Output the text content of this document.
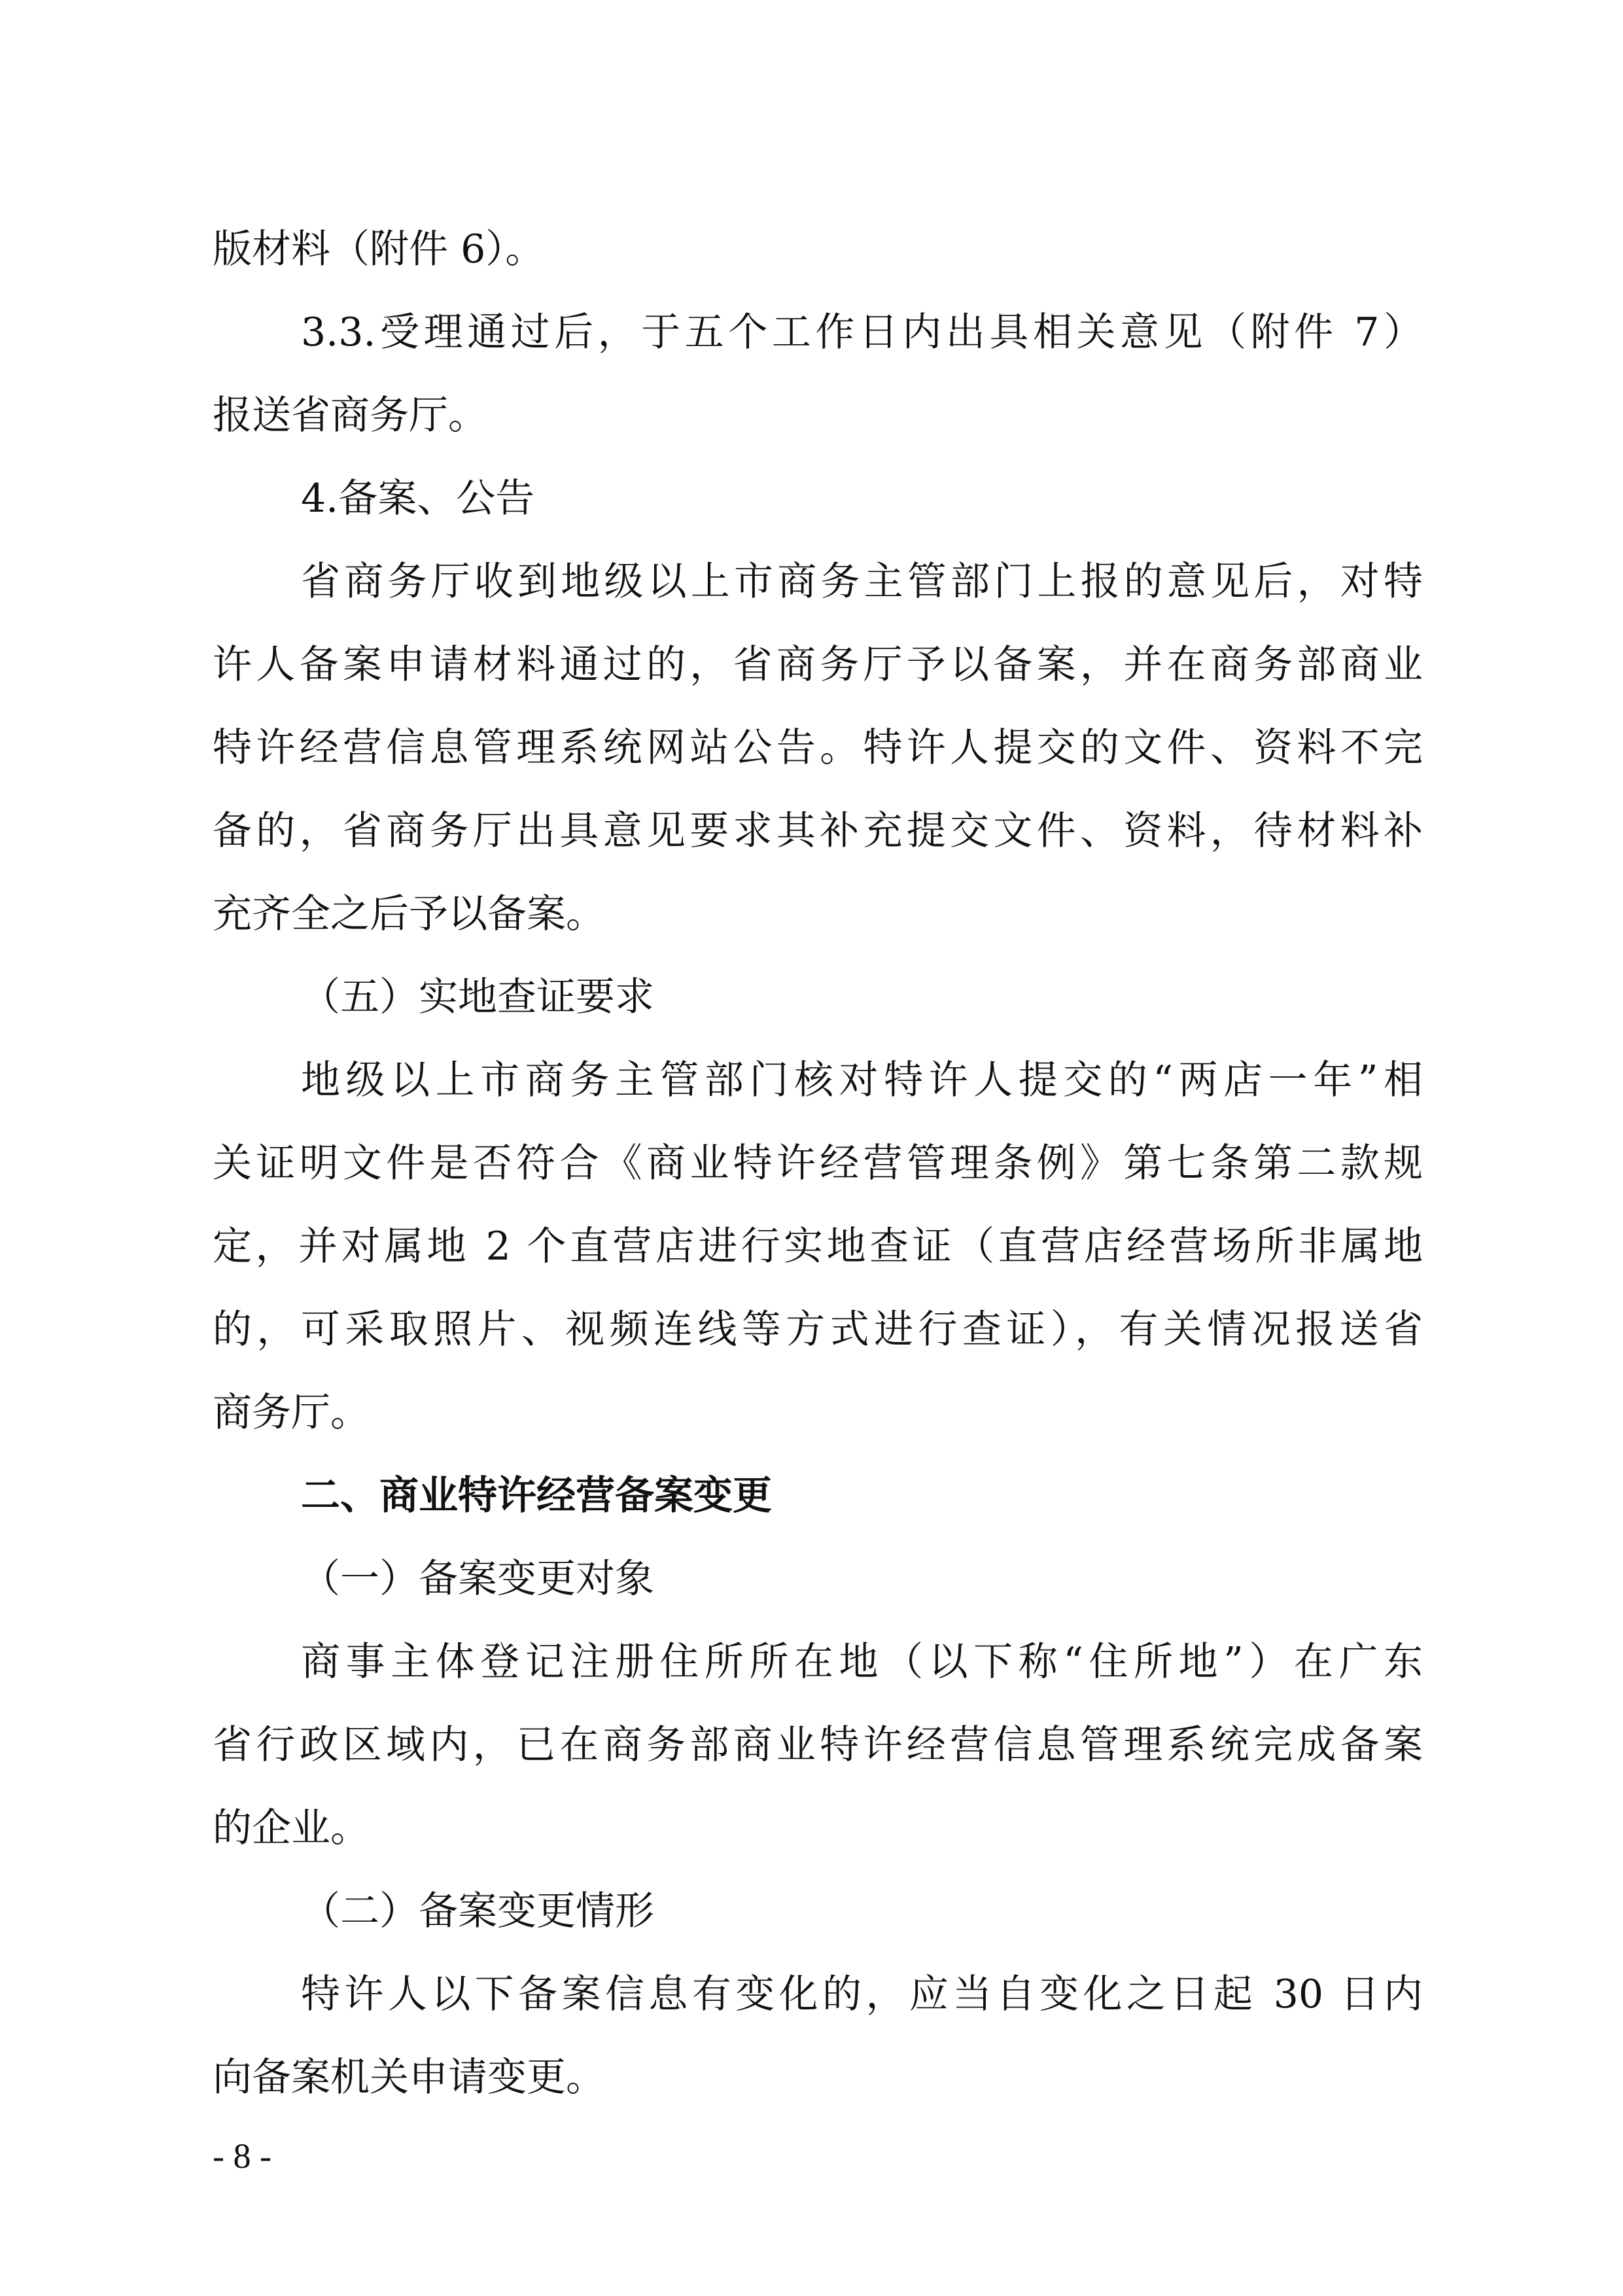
版材料（附件 6）。
3.3.受理通过后，于五个工作日内出具相关意见（附件 7）
报送省商务厅。
4.备案、公告
省商务厅收到地级以上市商务主管部门上报的意见后，对特
许人备案申请材料通过的，省商务厅予以备案，并在商务部商业
特许经营信息管理系统网站公告。特许人提交的文件、资料不完
备的，省商务厅出具意见要求其补充提交文件、资料，待材料补
充齐全之后予以备案。
（五）实地查证要求
地级以上市商务主管部门核对特许人提交的“两店一年”相
关证明文件是否符合《商业特许经营管理条例》第七条第二款规
定，并对属地 2 个直营店进行实地查证（直营店经营场所非属地
的，可采取照片、视频连线等方式进行查证），有关情况报送省
商务厅。
二、商业特许经营备案变更
（一）备案变更对象
商事主体登记注册住所所在地（以下称“住所地”）在广东
省行政区域内，已在商务部商业特许经营信息管理系统完成备案
的企业。
（二）备案变更情形
特许人以下备案信息有变化的，应当自变化之日起 30 日内
向备案机关申请变更。
- 8 -
